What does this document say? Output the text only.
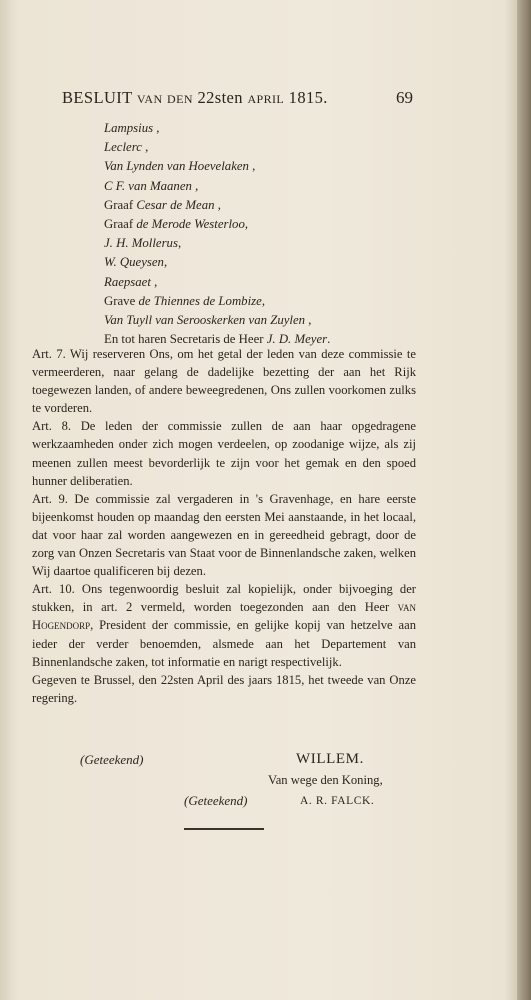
BESLUIT van den 22sten april 1815.	69
Lampsius ,
Leclerc ,
Van Lynden van Hoevelaken ,
C F. van Maanen ,
Graaf Cesar de Mean ,
Graaf de Merode Westerloo,
J. H. Mollerus,
W. Queysen,
Raepsaet ,
Grave de Thiennes de Lombize,
Van Tuyll van Serooskerken van Zuylen ,
En tot haren Secretaris de Heer J. D. Meyer.

Art. 7. Wij reserveren Ons, om het getal der leden van deze commissie te vermeerderen, naar gelang de dadelijke bezetting der aan het Rijk toegewezen landen, of andere beweegredenen, Ons zullen voorkomen zulks te vorderen.

Art. 8. De leden der commissie zullen de aan haar opgedragene werkzaamheden onder zich mogen verdeelen, op zoodanige wijze, als zij meenen zullen meest bevorderlijk te zijn voor het gemak en den spoed hunner deliberatien.

Art. 9. De commissie zal vergaderen in 's Gravenhage, en hare eerste bijeenkomst houden op maandag den eersten Mei aanstaande, in het locaal, dat voor haar zal worden aangewezen en in gereedheid gebragt, door de zorg van Onzen Secretaris van Staat voor de Binnenlandsche zaken, welken Wij daartoe qualificeren bij dezen.

Art. 10. Ons tegenwoordig besluit zal kopielijk, onder bijvoeging der stukken, in art. 2 vermeld, worden toegezonden aan den Heer van Hogendorp, President der commissie, en gelijke kopij van hetzelve aan ieder der verder benoemden, alsmede aan het Departement van Binnenlandsche zaken, tot informatie en narigt respectivelijk.

Gegeven te Brussel, den 22sten April des jaars 1815, het tweede van Onze regering.

(Geteekend)	WILLEM.
Van wege den Koning,
(Geteekend)	A. R. FALCK.
